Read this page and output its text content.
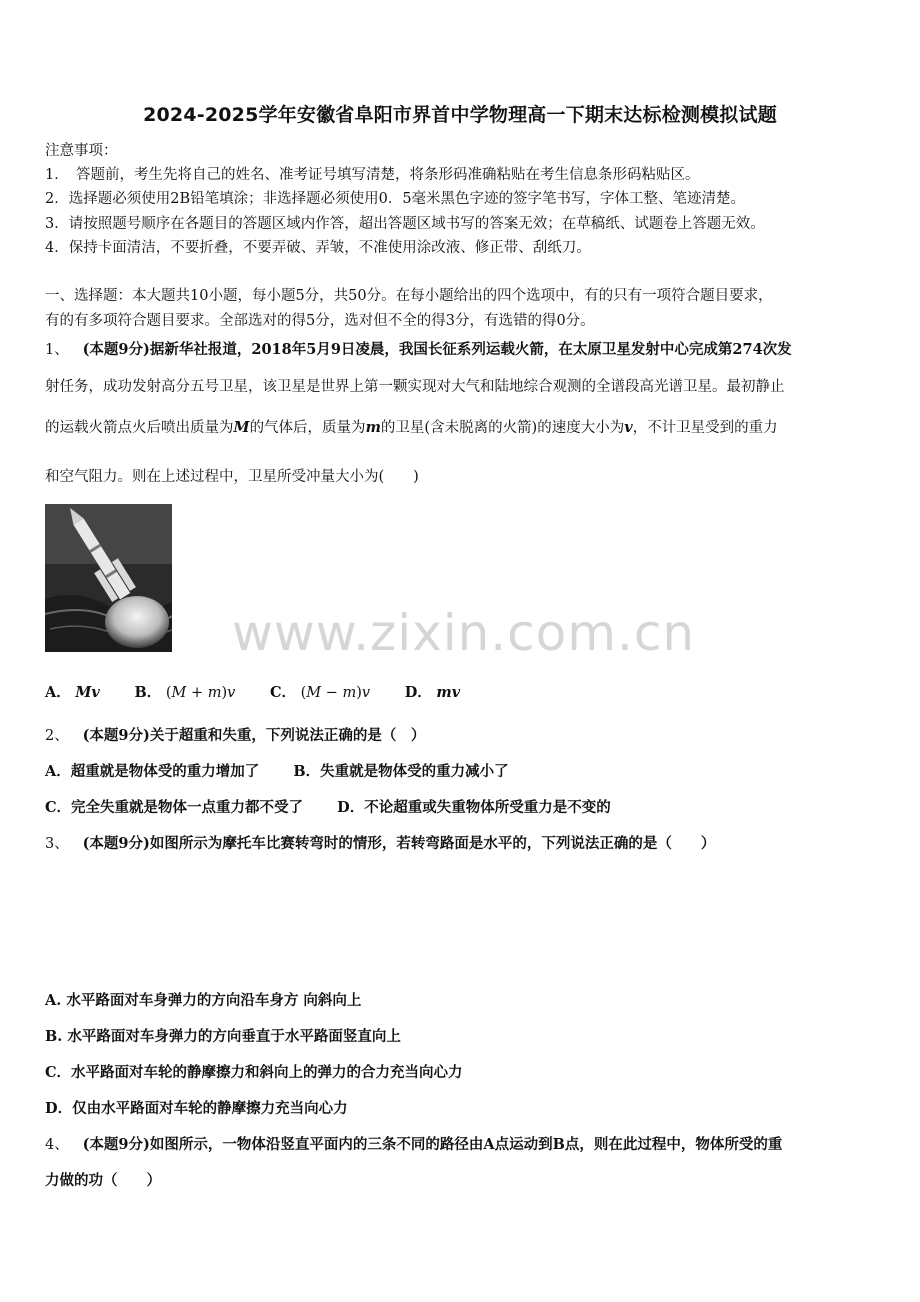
2024-2025学年安徽省阜阳市界首中学物理高一下期末达标检测模拟试题
注意事项：
1．　答题前，考生先将自己的姓名、准考证号填写清楚，将条形码准确粘贴在考生信息条形码粘贴区。
2．选择题必须使用2B铅笔填涂；非选择题必须使用0．5毫米黑色字迹的签字笔书写，字体工整、笔迹清楚。
3．请按照题号顺序在各题目的答题区域内作答，超出答题区域书写的答案无效；在草稿纸、试题卷上答题无效。
4．保持卡面清洁，不要折叠，不要弄破、弄皱，不准使用涂改液、修正带、刮纸刀。
一、选择题：本大题共10小题，每小题5分，共50分。在每小题给出的四个选项中，有的只有一项符合题目要求，
有的有多项符合题目要求。全部选对的得5分，选对但不全的得3分，有选错的得0分。
1、 (本题9分)据新华社报道，2018年5月9日凌晨，我国长征系列运载火箭，在太原卫星发射中心完成第274次发
射任务，成功发射高分五号卫星，该卫星是世界上第一颗实现对大气和陆地综合观测的全谱段高光谱卫星。最初静止
的运载火箭点火后喷出质量为M的气体后，质量为m的卫星(含未脱离的火箭)的速度大小为v，不计卫星受到的重力
和空气阻力。则在上述过程中，卫星所受冲量大小为(　　)
www.zixin.com.cn
A． Mv B． (𝑀 + 𝑚)𝑣 C． (𝑀 − 𝑚)𝑣 D． mv
2、 (本题9分)关于超重和失重，下列说法正确的是（　）
A．超重就是物体受的重力增加了 B．失重就是物体受的重力减小了
C．完全失重就是物体一点重力都不受了 D．不论超重或失重物体所受重力是不变的
3、 (本题9分)如图所示为摩托车比赛转弯时的情形，若转弯路面是水平的，下列说法正确的是（　　）
A. 水平路面对车身弹力的方向沿车身方 向斜向上
B. 水平路面对车身弹力的方向垂直于水平路面竖直向上
C．水平路面对车轮的静摩擦力和斜向上的弹力的合力充当向心力
D．仅由水平路面对车轮的静摩擦力充当向心力
4、 (本题9分)如图所示，一物体沿竖直平面内的三条不同的路径由A点运动到B点，则在此过程中，物体所受的重
力做的功（　　）
